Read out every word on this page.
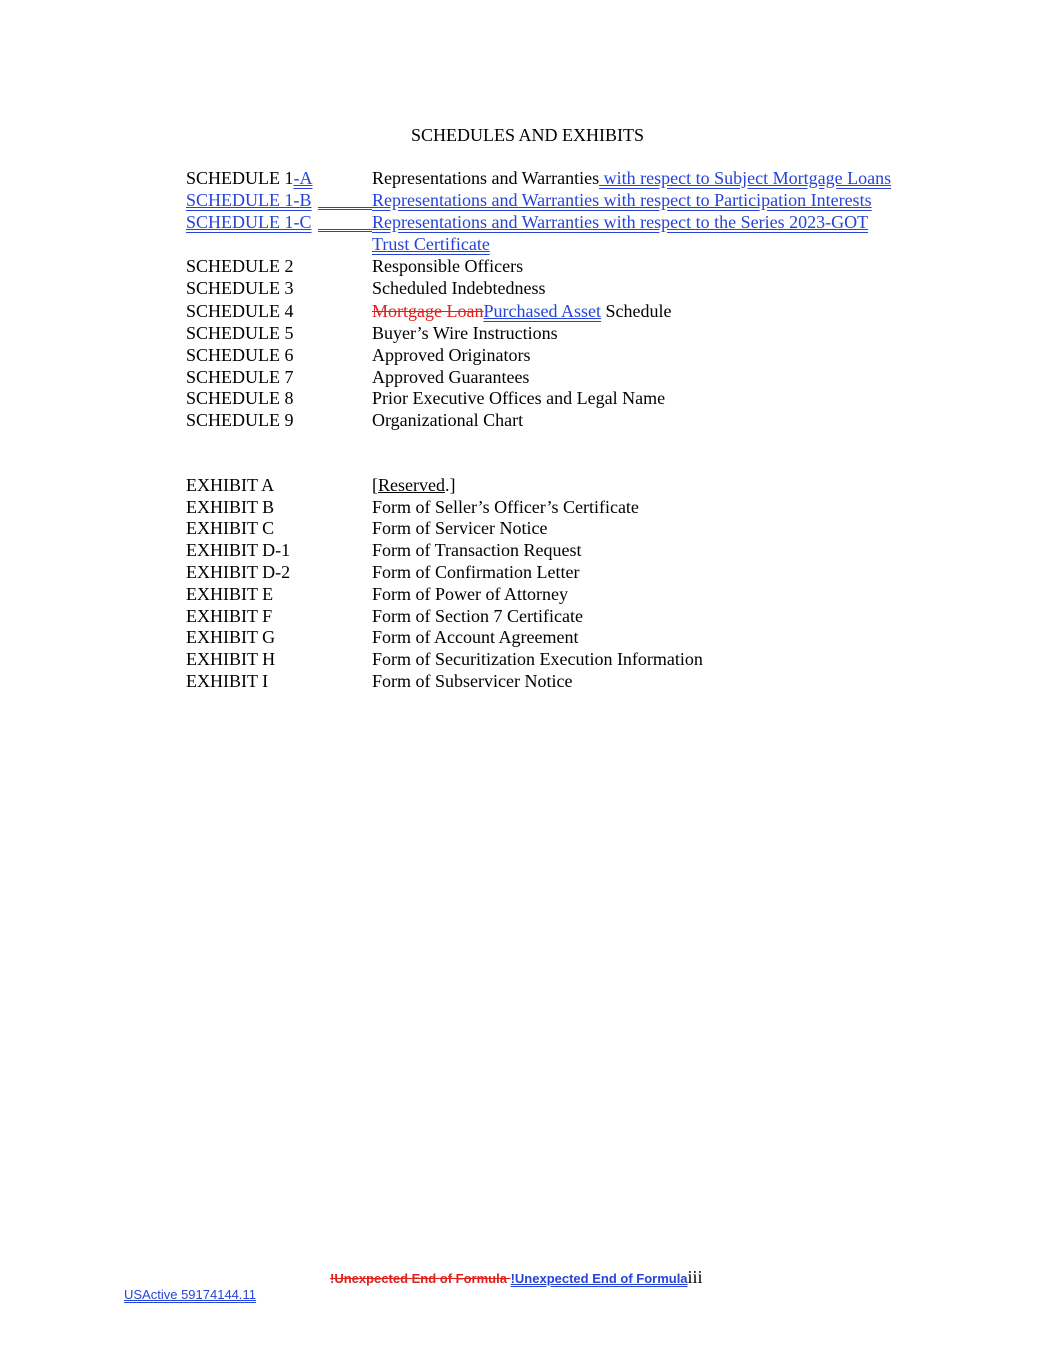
SCHEDULES AND EXHIBITS
SCHEDULE 1-A	Representations and Warranties with respect to Subject Mortgage Loans
SCHEDULE 1-B	Representations and Warranties with respect to Participation Interests
SCHEDULE 1-C	Representations and Warranties with respect to the Series 2023-GOT
Trust Certificate
SCHEDULE 2	Responsible Officers
SCHEDULE 3	Scheduled Indebtedness
SCHEDULE 4	Mortgage LoanPurchased Asset Schedule
SCHEDULE 5	Buyer’s Wire Instructions
SCHEDULE 6	Approved Originators
SCHEDULE 7	Approved Guarantees
SCHEDULE 8	Prior Executive Offices and Legal Name
SCHEDULE 9	Organizational Chart
EXHIBIT A	[Reserved.]
EXHIBIT B	Form of Seller’s Officer’s Certificate
EXHIBIT C	Form of Servicer Notice
EXHIBIT D-1	Form of Transaction Request
EXHIBIT D-2	Form of Confirmation Letter
EXHIBIT E	Form of Power of Attorney
EXHIBIT F	Form of Section 7 Certificate
EXHIBIT G	Form of Account Agreement
EXHIBIT H	Form of Securitization Execution Information
EXHIBIT I	Form of Subservicer Notice
!Unexpected End of Formula !Unexpected End of Formulaiii
USActive 59174144.11
